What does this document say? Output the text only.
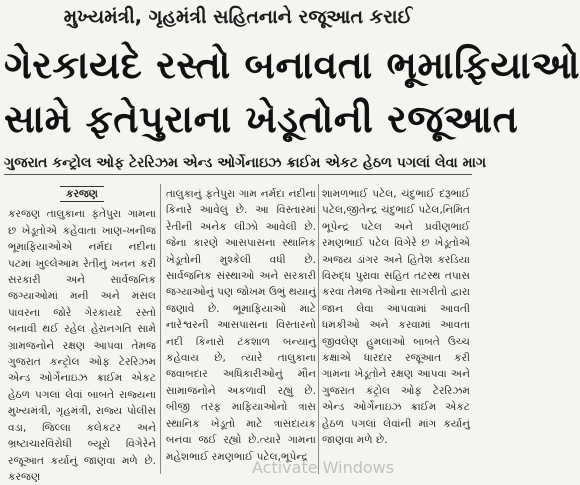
મુખ્યમંત્રી, ગૃહમંત્રી સહિતનાને રજૂઆત કરાઈ
ગેરકાયદે રસ્તો બનાવતા ભૂમાફિયાઓ
સામે ફતેપુરાના ખેડૂતોની રજૂઆત
ગુજરાત કન્ટ્રોલ ઓફ ટેરરિઝમ એન્ડ ઓર્ગેનાઇઝ ક્રાઈમ એકટ હેઠળ પગલાં લેવા માગ
કરજણ
કરજણ તાલુકાના ફતેપુરા ગામના છ ખેડૂતોએ કહેવાતા ખાણ-ખનીજ ભૂમાફિયાઓએ નર્મદા નદીના પટમાં ખુલ્લેઆમ રેતીનું ખનન કરી સરકારી અને સાર્વજનિક જગ્યાઓમાં મની અને મસલ પાવરના જોરે ગેરકાયદે રસ્તો બનાવી થઈ રહેલ હેરાનગતિ સામે ગ્રામજનોને રક્ષણ આપવા તેમજ ગુજરાત કન્ટ્રોલ ઓફ ટેરરિઝમ એન્ડ ઓર્ગેનાઇઝ ક્રાઈમ એકટ હેઠળ પગલાં લેવાં બાબતે રાજ્યના મુખ્યમંત્રી, ગૃહમંત્રી, રાજ્ય પોલીસ વડા, જિલ્લા કલેકટર અને ભ્રષ્ટાચારવિરોધી બ્યૂરો વિગેરેને રજૂઆત કર્યાનું જાણવા મળે છે. કરજણ
તાલુકાનું ફતેપુરા ગામ નર્મદા નદીના કિનારે આવેલું છે. આ વિસ્તારમાં રેતીની અનેક લીઝો આવેલી છે. જેના કારણે આસપાસના સ્થાનિક ખેડૂતોની મુશ્કેલી વધી છે. સાર્વજનિક સંસ્થાઓ અને સરકારી જગ્યાઓનું પણ જોખમ ઉભું થયાનું જણાવે છે. ભૂમાફિયાઓ માટે નારેશ્વરની આસપાસના વિસ્તારનો નદી કિનારો ટંકશાળ બન્યાનું કહેવાય છે, ત્યારે તાલુકાના જવાબદાર અધિકારીઓનું મૌન સામાજનોને અકળાવી રહ્યું છે. બીજી તરફ માફિયાઓનો ત્રાસ સ્થાનિક ખેડૂતો માટે ત્રાસદાયક બનવા જઈ રહ્યો છે.ત્યારે ગામના મહેશભાઈ રમણભાઈ પટેલ,ભૂપેન્દ્ર
શામળભાઈ પટેલ, ચંદુભાઈ દરૂભાઈ પટેલ,જીતેન્દ્ર ચંદુભાઈ પટેલ,નિમિત ભૂપેન્દ્ર પટેલ અને પ્રવીણભાઈ રમણભાઈ પટેલ વિગેરે છ ખેડૂતોએ અજય ડાંગર અને હિતેશ કરડિયા વિરુદ્ધ પુરાવા સહિત તટસ્થ તપાસ કરવા તેમજ તેઓના સાગરીતો દ્વારા જાન લેવા આપવામાં આવતી ધમકીઓ અને કરવામાં આવતા જીવલેણ હુમલાઓ બાબતે ઉચ્ચ કક્ષાએ ધારદાર રજૂઆત કરી ગામના ખેડૂતોને રક્ષણ આપવા અને ગુજરાત કંટ્રોલ ઓફ ટેરરિઝમ એન્ડ ઓર્ગેનાઇઝ ક્રાઈમ એકટ હેઠળ પગલાં લેવાંની માંગ કર્યાનું જાણવા મળે છે.
Activate Windows
